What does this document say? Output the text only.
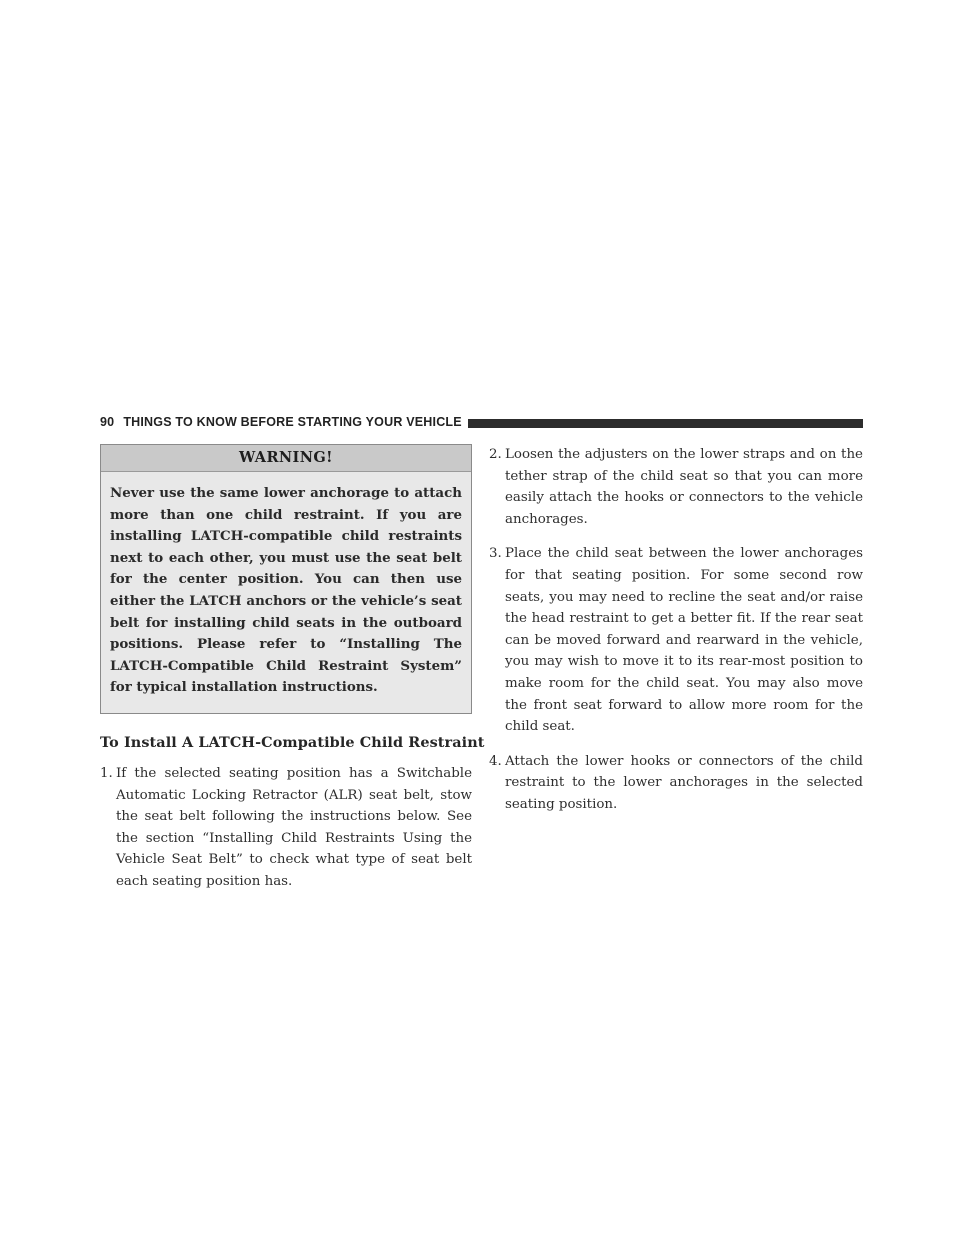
90 THINGS TO KNOW BEFORE STARTING YOUR VEHICLE
WARNING!
Never use the same lower anchorage to attach more than one child restraint. If you are installing LATCH-compatible child restraints next to each other, you must use the seat belt for the center position. You can then use either the LATCH anchors or the vehicle’s seat belt for installing child seats in the outboard positions. Please refer to “Installing The LATCH-Compatible Child Restraint System” for typical installation instructions.
To Install A LATCH-Compatible Child Restraint
1. If the selected seating position has a Switchable Automatic Locking Retractor (ALR) seat belt, stow the seat belt following the instructions below. See the section “Installing Child Restraints Using the Vehicle Seat Belt” to check what type of seat belt each seating position has.
2. Loosen the adjusters on the lower straps and on the tether strap of the child seat so that you can more easily attach the hooks or connectors to the vehicle anchorages.
3. Place the child seat between the lower anchorages for that seating position. For some second row seats, you may need to recline the seat and/or raise the head restraint to get a better fit. If the rear seat can be moved forward and rearward in the vehicle, you may wish to move it to its rear-most position to make room for the child seat. You may also move the front seat forward to allow more room for the child seat.
4. Attach the lower hooks or connectors of the child restraint to the lower anchorages in the selected seating position.
